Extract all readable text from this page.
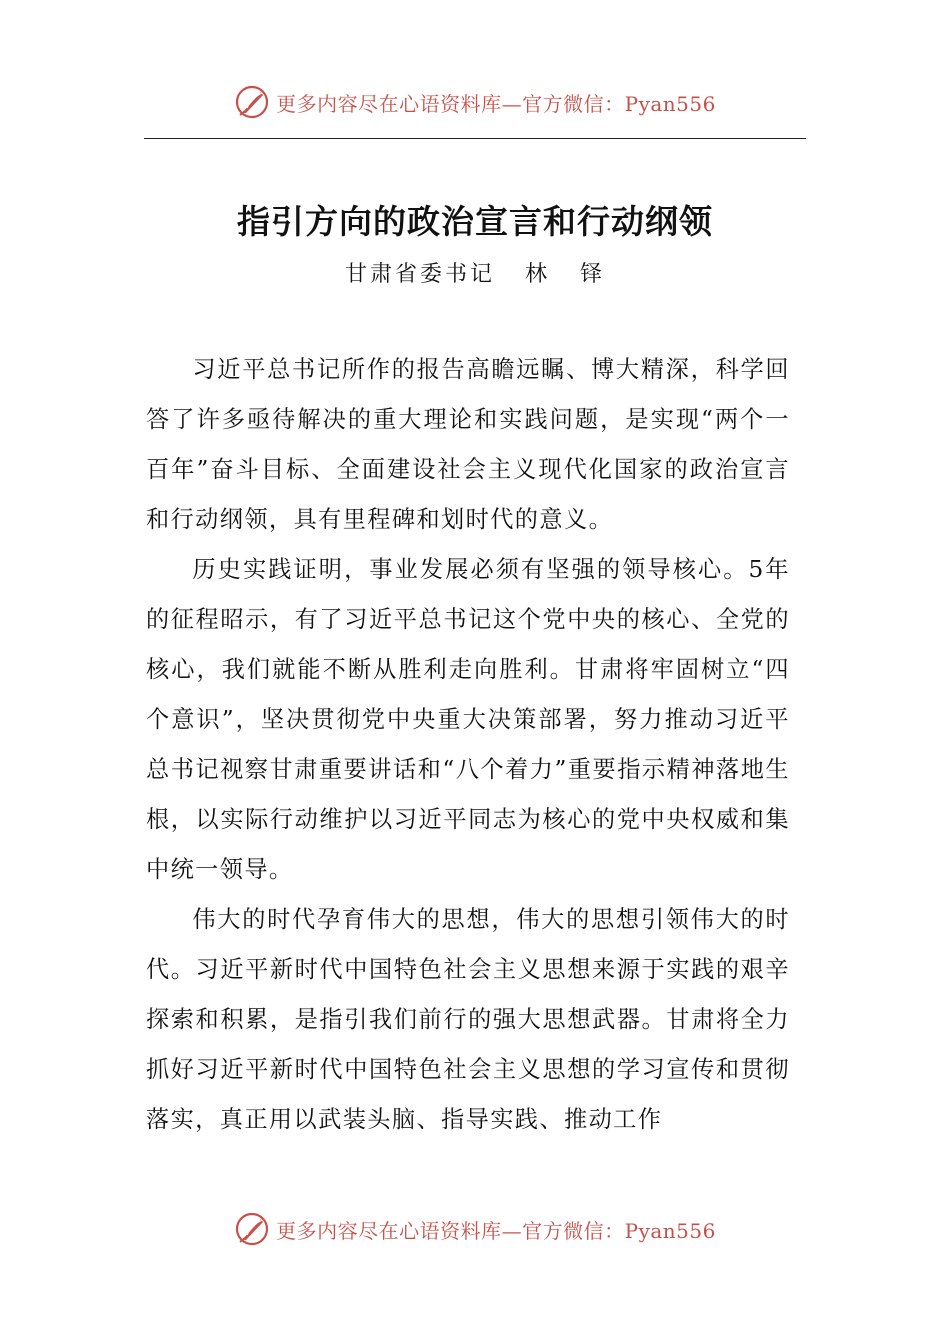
更多内容尽在心语资料库—官方微信：Pyan556
指引方向的政治宣言和行动纲领

甘肃省委书记   林   铎

习近平总书记所作的报告高瞻远瞩、博大精深，科学回答了许多亟待解决的重大理论和实践问题，是实现“两个一百年”奋斗目标、全面建设社会主义现代化国家的政治宣言和行动纲领，具有里程碑和划时代的意义。

历史实践证明，事业发展必须有坚强的领导核心。5年的征程昭示，有了习近平总书记这个党中央的核心、全党的核心，我们就能不断从胜利走向胜利。甘肃将牢固树立“四个意识”，坚决贯彻党中央重大决策部署，努力推动习近平总书记视察甘肃重要讲话和“八个着力”重要指示精神落地生根，以实际行动维护以习近平同志为核心的党中央权威和集中统一领导。

伟大的时代孕育伟大的思想，伟大的思想引领伟大的时代。习近平新时代中国特色社会主义思想来源于实践的艰辛探索和积累，是指引我们前行的强大思想武器。甘肃将全力抓好习近平新时代中国特色社会主义思想的学习宣传和贯彻落实，真正用以武装头脑、指导实践、推动工作

更多内容尽在心语资料库—官方微信：Pyan556
